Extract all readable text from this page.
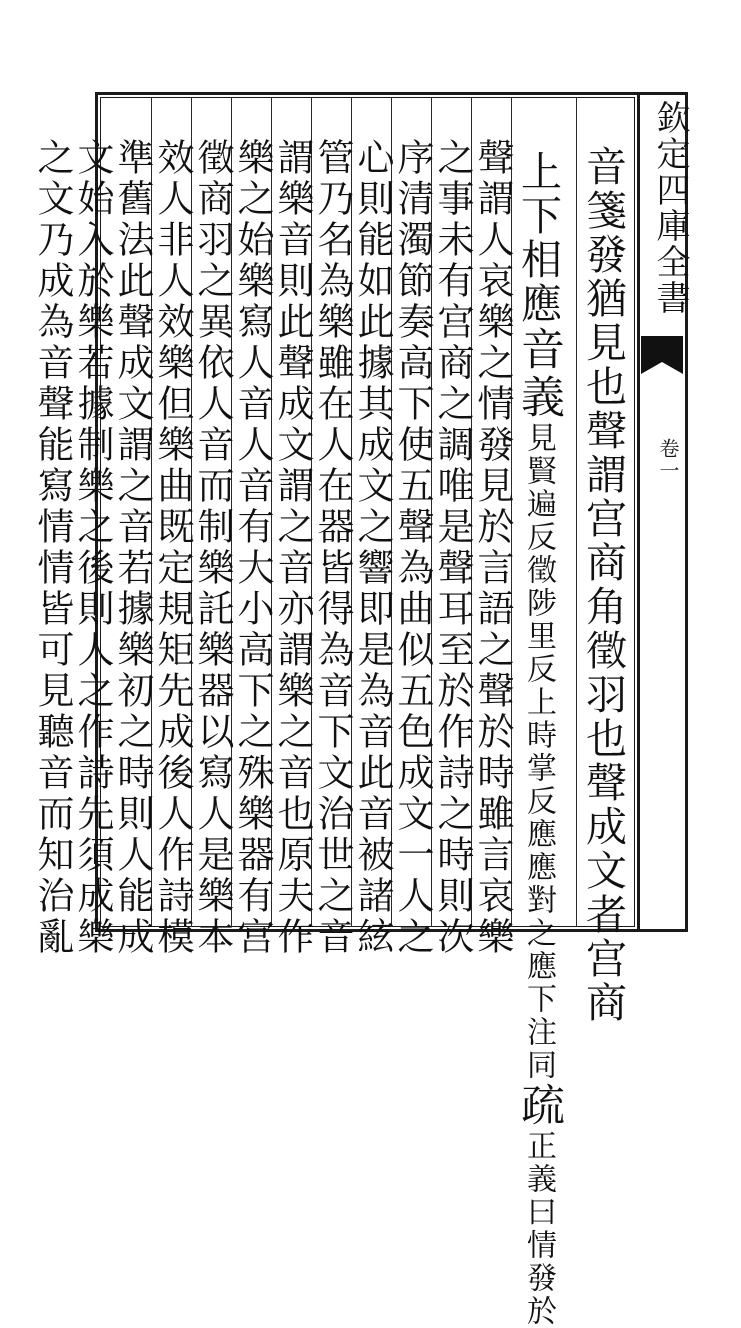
欽定四庫全書
卷一
音箋發猶見也聲謂宫商角徵羽也聲成文者宫商
上下相應音義見賢遍反徵陟里反上時掌反應應對之應下注同疏正義曰情發於
聲謂人哀樂之情發見於言語之聲於時雖言哀樂
之事未有宫商之調唯是聲耳至於作詩之時則次
序清濁節奏高下使五聲為曲似五色成文一人之
心則能如此據其成文之響即是為音此音被諸絃
管乃名為樂雖在人在器皆得為音下文治世之音
謂樂音則此聲成文謂之音亦謂樂之音也原夫作
樂之始樂寫人音人音有大小高下之殊樂器有宫
徵商羽之異依人音而制樂託樂器以寫人是樂本
效人非人效樂但樂曲既定規矩先成後人作詩模
準舊法此聲成文謂之音若據樂初之時則人能成
文始入於樂若據制樂之後則人之作詩先須成樂
之文乃成為音聲能寫情情皆可見聽音而知治亂
